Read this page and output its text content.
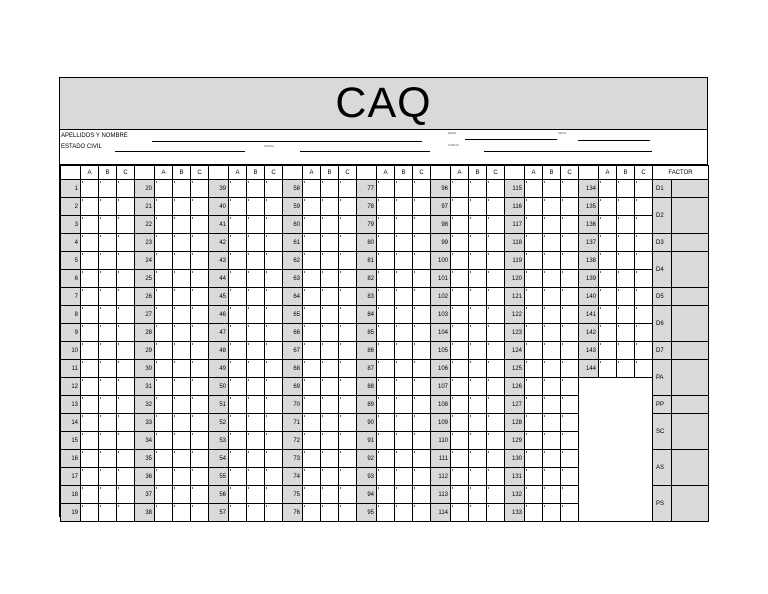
CAQ
APELLIDOS Y NOMBRE
ESTADO CIVIL	FECHA
EDAD	SEXO
CARGO
	A	B	C		A	B	C		A	B	C		A	B	C		A	B	C		A	B	C		A	B	C		A	B	C	FACTOR	
1				20				39				58				77				96				115				134				D1	
2				21				40				59				78				97				116				135				D2	
3				22				41				60				79				98				117				136					
4				23				42				61				80				99				118				137				D3	
5				24				43				62				81				100				119				138				D4	
6				25				44				63				82				101				120				139					
7				26				45				64				83				102				121				140				D5	
8				27				46				65				84				103				122				141				D6	
9				28				47				66				85				104				123				142					
10				29				48				67				86				105				124				143				D7	
11				30				49				68				87				106				125				144				PA	
12				31				50				69				88				107				126									
13				32				51				70				89				108				127								PP	
14				33				52				71				90				109				128								SC	
15				34				53				72				91				110				129									
16				35				54				73				92				111				130								AS	
17				36				55				74				93				112				131									
18				37				56				75				94				113				132								PS	
19				38				57				76				95				114				133									
